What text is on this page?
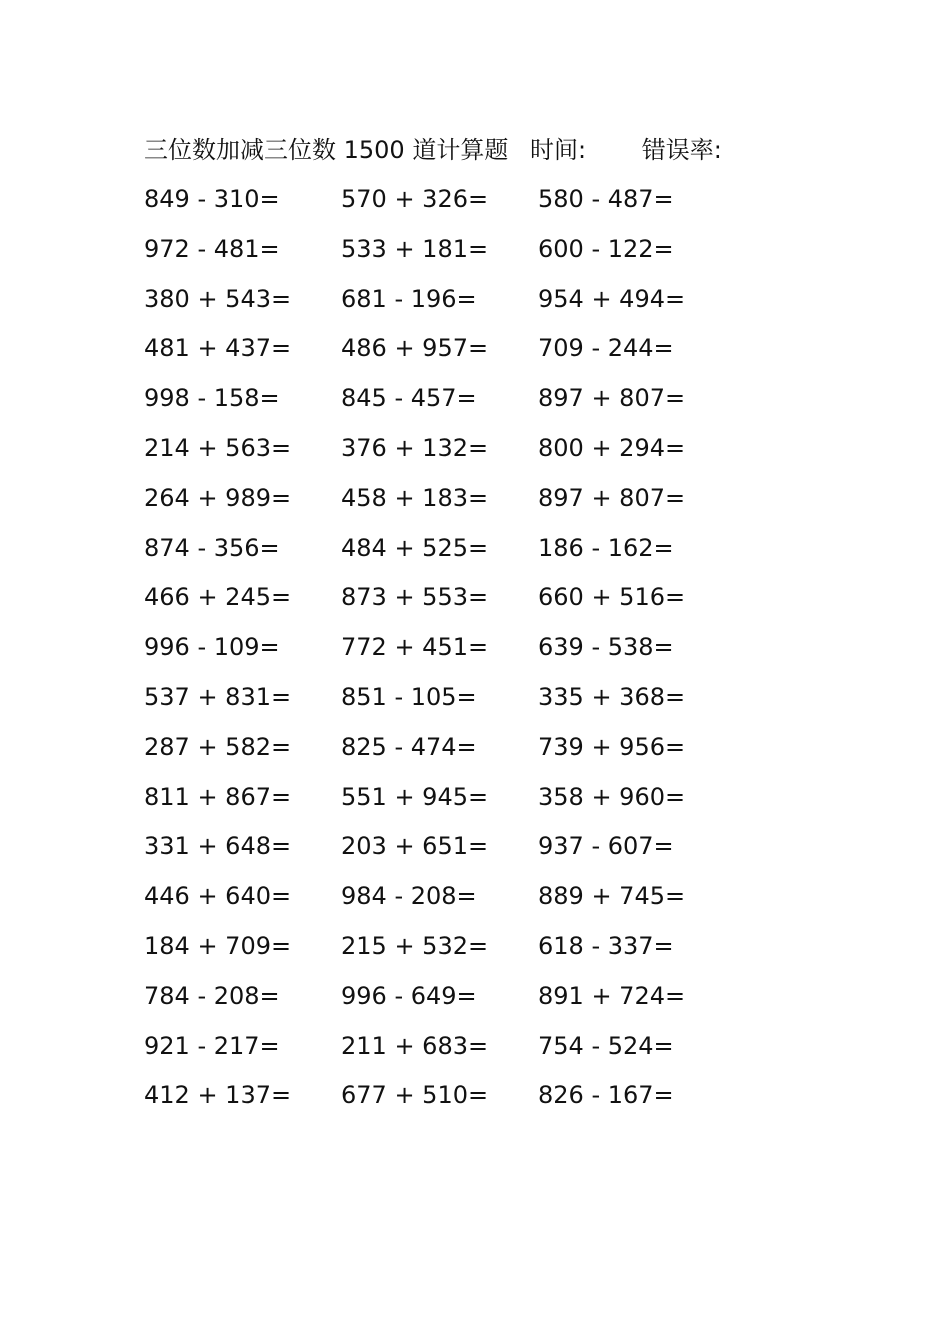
三位数加减三位数 1500 道计算题 时间: 错误率:
849 - 310=	570 + 326=	580 - 487=
972 - 481=	533 + 181=	600 - 122=
380 + 543=	681 - 196=	954 + 494=
481 + 437=	486 + 957=	709 - 244=
998 - 158=	845 - 457=	897 + 807=
214 + 563=	376 + 132=	800 + 294=
264 + 989=	458 + 183=	897 + 807=
874 - 356=	484 + 525=	186 - 162=
466 + 245=	873 + 553=	660 + 516=
996 - 109=	772 + 451=	639 - 538=
537 + 831=	851 - 105=	335 + 368=
287 + 582=	825 - 474=	739 + 956=
811 + 867=	551 + 945=	358 + 960=
331 + 648=	203 + 651=	937 - 607=
446 + 640=	984 - 208=	889 + 745=
184 + 709=	215 + 532=	618 - 337=
784 - 208=	996 - 649=	891 + 724=
921 - 217=	211 + 683=	754 - 524=
412 + 137=	677 + 510=	826 - 167=
